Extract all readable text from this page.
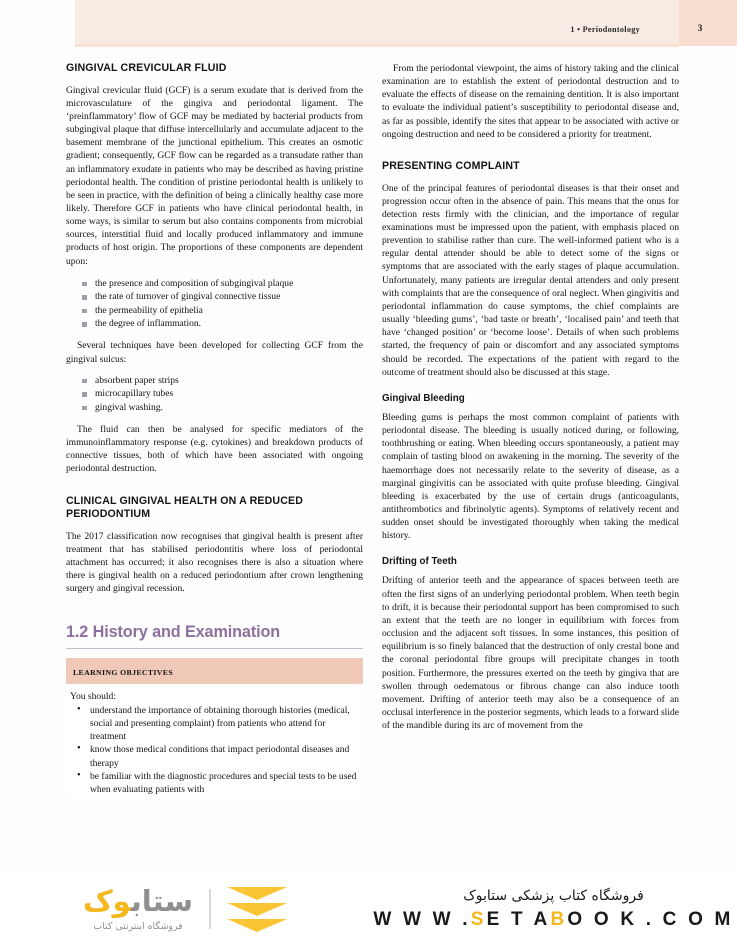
1 • Periodontology	3
GINGIVAL CREVICULAR FLUID

Gingival crevicular fluid (GCF) is a serum exudate that is derived from the microvasculature of the gingiva and periodontal ligament. The ‘preinflammatory’ flow of GCF may be mediated by bacterial products from subgingival plaque that diffuse intercellularly and accumulate adjacent to the basement membrane of the junctional epithelium. This creates an osmotic gradient; consequently, GCF flow can be regarded as a transudate rather than an inflammatory exudate in patients who may be described as having pristine periodontal health. The condition of pristine periodontal health is unlikely to be seen in practice, with the definition of being a clinically healthy case more likely. Therefore GCF in patients who have clinical periodontal health, in some ways, is similar to serum but also contains components from microbial sources, interstitial fluid and locally produced inflammatory and immune products of host origin. The proportions of these components are dependent upon:

the presence and composition of subgingival plaque
the rate of turnover of gingival connective tissue
the permeability of epithelia
the degree of inflammation.

Several techniques have been developed for collecting GCF from the gingival sulcus:

absorbent paper strips
microcapillary tubes
gingival washing.

The fluid can then be analysed for specific mediators of the immunoinflammatory response (e.g. cytokines) and breakdown products of connective tissues, both of which have been associated with ongoing periodontal destruction.

CLINICAL GINGIVAL HEALTH ON A REDUCED PERIODONTIUM

The 2017 classification now recognises that gingival health is present after treatment that has stabilised periodontitis where loss of periodontal attachment has occurred; it also recognises there is also a situation where there is gingival health on a reduced periodontium after crown lengthening surgery and gingival recession.

1.2 History and Examination
LEARNING OBJECTIVES
You should:
• understand the importance of obtaining thorough histories (medical, social and presenting complaint) from patients who attend for treatment
• know those medical conditions that impact periodontal diseases and therapy
• be familiar with the diagnostic procedures and special tests to be used when evaluating patients with

From the periodontal viewpoint, the aims of history taking and the clinical examination are to establish the extent of periodontal destruction and to evaluate the effects of disease on the remaining dentition. It is also important to evaluate the individual patient’s susceptibility to periodontal disease and, as far as possible, identify the sites that appear to be associated with active or ongoing destruction and need to be considered a priority for treatment.

PRESENTING COMPLAINT

One of the principal features of periodontal diseases is that their onset and progression occur often in the absence of pain. This means that the onus for detection rests firmly with the clinician, and the importance of regular examinations must be impressed upon the patient, with emphasis placed on prevention to stabilise rather than cure. The well-informed patient who is a regular dental attender should be able to detect some of the signs or symptoms that are associated with the early stages of plaque accumulation. Unfortunately, many patients are irregular dental attenders and only present with complaints that are the consequence of oral neglect. When gingivitis and periodontal inflammation do cause symptoms, the chief complaints are usually ‘bleeding gums’, ‘bad taste or breath’, ‘localised pain’ and teeth that have ‘changed position’ or ‘become loose’. Details of when such problems started, the frequency of pain or discomfort and any associated symptoms should be recorded. The expectations of the patient with regard to the outcome of treatment should also be discussed at this stage.

Gingival Bleeding

Bleeding gums is perhaps the most common complaint of patients with periodontal disease. The bleeding is usually noticed during, or following, toothbrushing or eating. When bleeding occurs spontaneously, a patient may complain of tasting blood on awakening in the morning. The severity of the haemorrhage does not necessarily relate to the severity of disease, as a marginal gingivitis can be associated with quite profuse bleeding. Gingival bleeding is exacerbated by the use of certain drugs (anticoagulants, antithrombotics and fibrinolytic agents). Symptoms of relatively recent and sudden onset should be investigated thoroughly when taking the medical history.

Drifting of Teeth

Drifting of anterior teeth and the appearance of spaces between teeth are often the first signs of an underlying periodontal problem. When teeth begin to drift, it is because their periodontal support has been compromised to such an extent that the teeth are no longer in equilibrium with forces from occlusion and the adjacent soft tissues. In some instances, this position of equilibrium is so finely balanced that the destruction of only crestal bone and the coronal periodontal fibre groups will precipitate changes in tooth position. Furthermore, the pressures exerted on the teeth by gingiva that are swollen through oedematous or fibrous change can also induce tooth movement. Drifting of anterior teeth may also be a consequence of an occlusal interference in the posterior segments, which leads to a forward slide of the mandible during its arc of movement from the

ستابوک
فروشگاه اینترنتی کتاب
فروشگاه کتاب پزشکی ستابوک
W W W .SE T ABO O K . C O M
